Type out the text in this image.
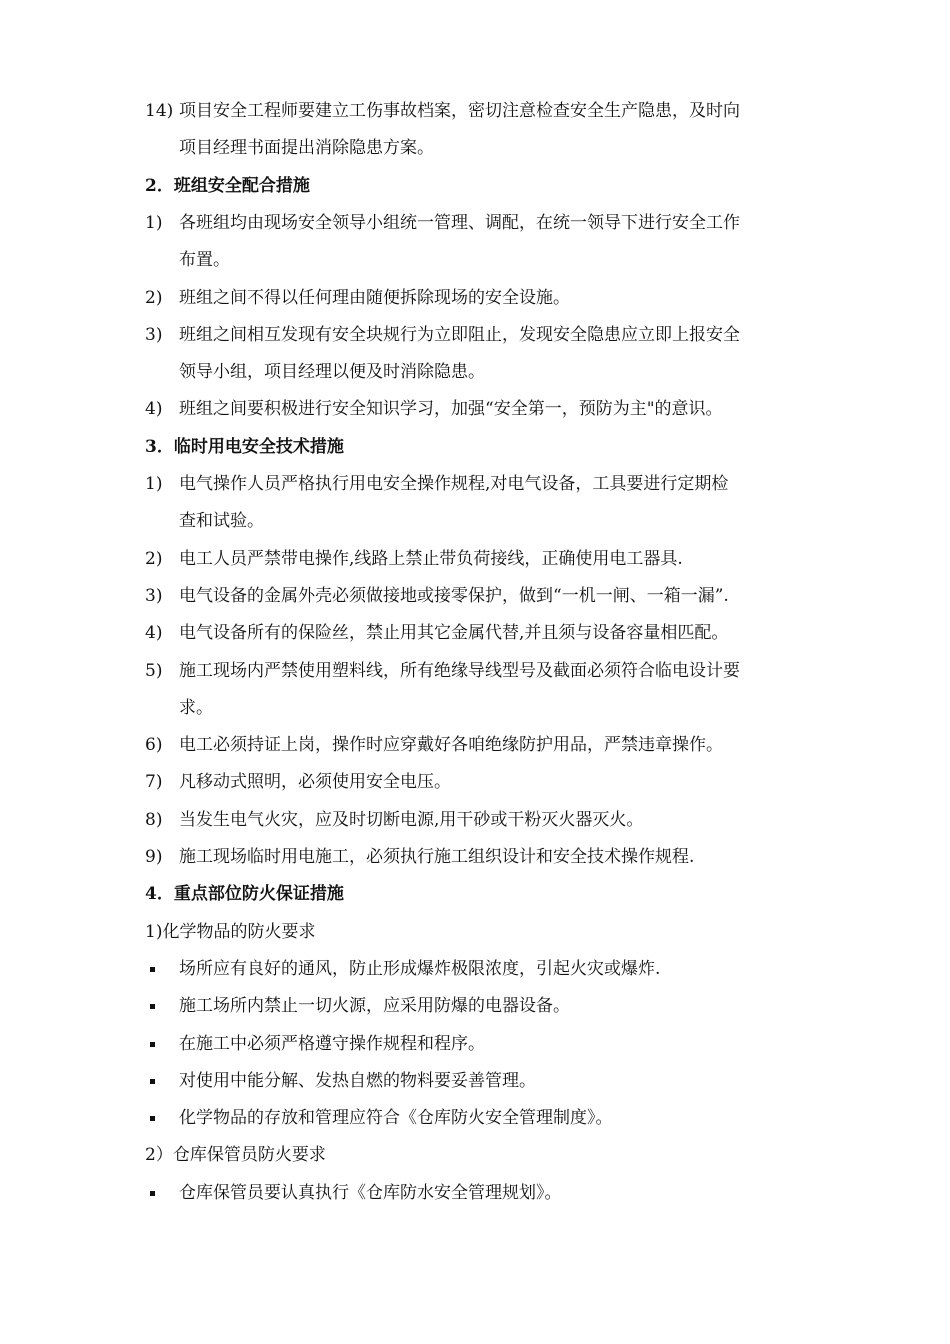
14) 项目安全工程师要建立工伤事故档案，密切注意检查安全生产隐患，及时向
项目经理书面提出消除隐患方案。
2．班组安全配合措施
1) 各班组均由现场安全领导小组统一管理、调配，在统一领导下进行安全工作
布置。
2) 班组之间不得以任何理由随便拆除现场的安全设施。
3) 班组之间相互发现有安全块规行为立即阻止，发现安全隐患应立即上报安全
领导小组，项目经理以便及时消除隐患。
4) 班组之间要积极进行安全知识学习，加强“安全第一，预防为主"的意识。
3．临时用电安全技术措施
1) 电气操作人员严格执行用电安全操作规程,对电气设备，工具要进行定期检
查和试验。
2) 电工人员严禁带电操作,线路上禁止带负荷接线，正确使用电工器具.
3) 电气设备的金属外壳必须做接地或接零保护，做到“一机一闸、一箱一漏”.
4) 电气设备所有的保险丝，禁止用其它金属代替,并且须与设备容量相匹配。
5) 施工现场内严禁使用塑料线，所有绝缘导线型号及截面必须符合临电设计要
求。
6) 电工必须持证上岗，操作时应穿戴好各咱绝缘防护用品，严禁违章操作。
7) 凡移动式照明，必须使用安全电压。
8) 当发生电气火灾，应及时切断电源,用干砂或干粉灭火器灭火。
9) 施工现场临时用电施工，必须执行施工组织设计和安全技术操作规程.
4．重点部位防火保证措施
1)化学物品的防火要求
场所应有良好的通风，防止形成爆炸极限浓度，引起火灾或爆炸.
施工场所内禁止一切火源，应采用防爆的电器设备。
在施工中必须严格遵守操作规程和程序。
对使用中能分解、发热自燃的物料要妥善管理。
化学物品的存放和管理应符合《仓库防火安全管理制度》。
2）仓库保管员防火要求
仓库保管员要认真执行《仓库防水安全管理规划》。
